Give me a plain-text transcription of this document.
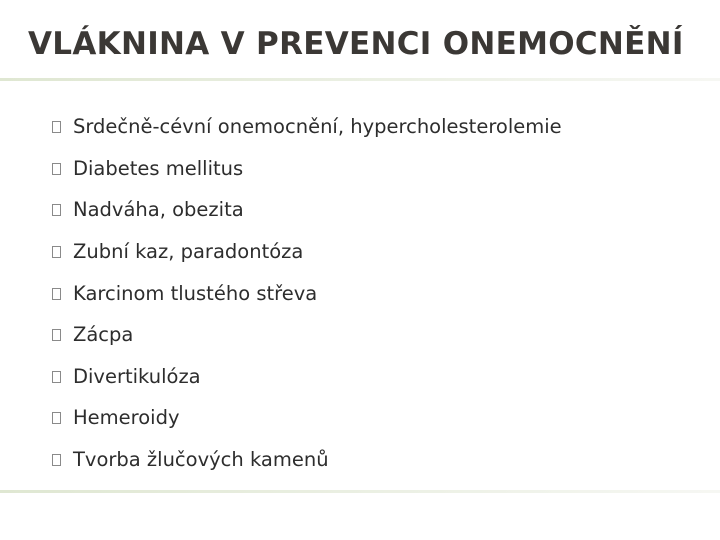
VLÁKNINA V PREVENCI ONEMOCNĚNÍ
Srdečně-cévní onemocnění, hypercholesterolemie
Diabetes mellitus
Nadváha, obezita
Zubní kaz, paradontóza
Karcinom tlustého střeva
Zácpa
Divertikulóza
Hemeroidy
Tvorba žlučových kamenů
